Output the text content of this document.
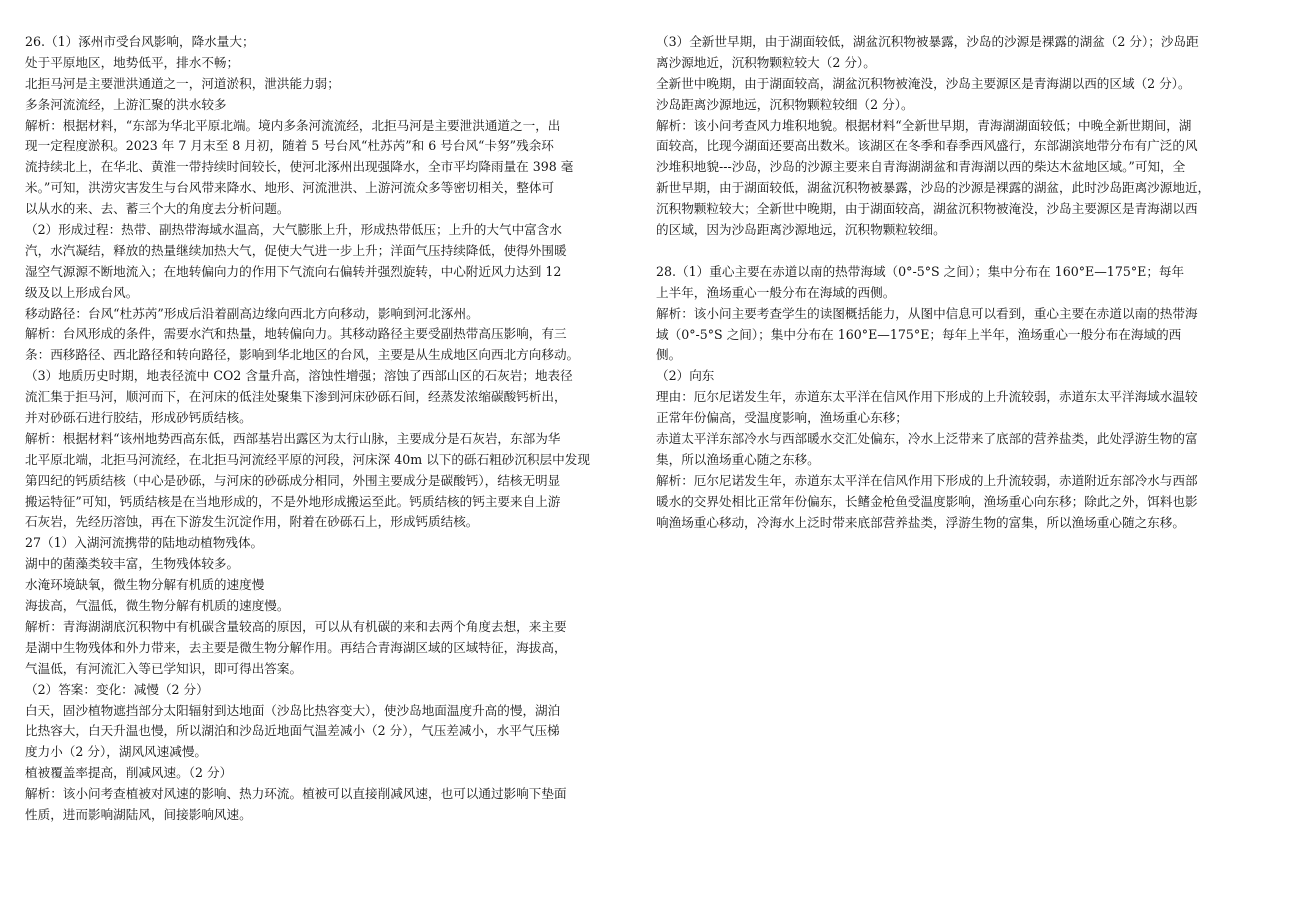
26.（1）涿州市受台风影响，降水量大；
处于平原地区，地势低平，排水不畅；
北拒马河是主要泄洪通道之一，河道淤积，泄洪能力弱；
多条河流流经，上游汇聚的洪水较多
解析：根据材料，“东部为华北平原北端。境内多条河流流经，北拒马河是主要泄洪通道之一，出
现一定程度淤积。2023 年 7 月末至 8 月初，随着 5 号台风“杜苏芮”和 6 号台风“卡努”残余环
流持续北上，在华北、黄淮一带持续时间较长，使河北涿州出现强降水，全市平均降雨量在 398 毫
米。”可知，洪涝灾害发生与台风带来降水、地形、河流泄洪、上游河流众多等密切相关，整体可
以从水的来、去、蓄三个大的角度去分析问题。
（2）形成过程：热带、副热带海域水温高，大气膨胀上升，形成热带低压；上升的大气中富含水
汽，水汽凝结，释放的热量继续加热大气，促使大气进一步上升；洋面气压持续降低，使得外围暖
湿空气源源不断地流入；在地转偏向力的作用下气流向右偏转并强烈旋转，中心附近风力达到 12
级及以上形成台风。
移动路径：台风“杜苏芮”形成后沿着副高边缘向西北方向移动，影响到河北涿州。
解析：台风形成的条件，需要水汽和热量，地转偏向力。其移动路径主要受副热带高压影响，有三
条：西移路径、西北路径和转向路径，影响到华北地区的台风，主要是从生成地区向西北方向移动。
（3）地质历史时期，地表径流中 CO2 含量升高，溶蚀性增强；溶蚀了西部山区的石灰岩；地表径
流汇集于拒马河，顺河而下，在河床的低洼处聚集下渗到河床砂砾石间，经蒸发浓缩碳酸钙析出，
并对砂砾石进行胶结，形成砂钙质结核。
解析：根据材料“该州地势西高东低，西部基岩出露区为太行山脉，主要成分是石灰岩，东部为华
北平原北端，北拒马河流经，在北拒马河流经平原的河段，河床深 40m 以下的砾石粗砂沉积层中发现
第四纪的钙质结核（中心是砂砾，与河床的砂砾成分相同，外围主要成分是碳酸钙），结核无明显
搬运特征”可知，钙质结核是在当地形成的，不是外地形成搬运至此。钙质结核的钙主要来自上游
石灰岩，先经历溶蚀，再在下游发生沉淀作用，附着在砂砾石上，形成钙质结核。
27（1）入湖河流携带的陆地动植物残体。
湖中的菌藻类较丰富，生物残体较多。
水淹环境缺氧，微生物分解有机质的速度慢
海拔高，气温低，微生物分解有机质的速度慢。
解析：青海湖湖底沉积物中有机碳含量较高的原因，可以从有机碳的来和去两个角度去想，来主要
是湖中生物残体和外力带来，去主要是微生物分解作用。再结合青海湖区域的区域特征，海拔高，
气温低，有河流汇入等已学知识，即可得出答案。
（2）答案：变化：减慢（2 分）
白天，固沙植物遮挡部分太阳辐射到达地面（沙岛比热容变大），使沙岛地面温度升高的慢，湖泊
比热容大，白天升温也慢，所以湖泊和沙岛近地面气温差减小（2 分），气压差减小，水平气压梯
度力小（2 分），湖风风速减慢。
植被覆盖率提高，削减风速。（2 分）
解析：该小问考查植被对风速的影响、热力环流。植被可以直接削减风速，也可以通过影响下垫面
性质，进而影响湖陆风，间接影响风速。
（3）全新世早期，由于湖面较低，湖盆沉积物被暴露，沙岛的沙源是裸露的湖盆（2 分）；沙岛距
离沙源地近，沉积物颗粒较大（2 分）。
全新世中晚期，由于湖面较高，湖盆沉积物被淹没，沙岛主要源区是青海湖以西的区域（2 分）。
沙岛距离沙源地远，沉积物颗粒较细（2 分）。
解析：该小问考查风力堆积地貌。根据材料“全新世早期，青海湖湖面较低；中晚全新世期间，湖
面较高，比现今湖面还要高出数米。该湖区在冬季和春季西风盛行，东部湖滨地带分布有广泛的风
沙堆积地貌---沙岛，沙岛的沙源主要来自青海湖湖盆和青海湖以西的柴达木盆地区域。”可知，全
新世早期，由于湖面较低，湖盆沉积物被暴露，沙岛的沙源是裸露的湖盆，此时沙岛距离沙源地近，
沉积物颗粒较大；全新世中晚期，由于湖面较高，湖盆沉积物被淹没，沙岛主要源区是青海湖以西
的区域，因为沙岛距离沙源地远，沉积物颗粒较细。
28.（1）重心主要在赤道以南的热带海域（0°-5°S 之间）；集中分布在 160°E—175°E；每年
上半年，渔场重心一般分布在海域的西侧。
解析：该小问主要考查学生的读图概括能力，从图中信息可以看到，重心主要在赤道以南的热带海
域（0°-5°S 之间）；集中分布在 160°E—175°E；每年上半年，渔场重心一般分布在海域的西
侧。
（2）向东
理由：厄尔尼诺发生年，赤道东太平洋在信风作用下形成的上升流较弱，赤道东太平洋海域水温较
正常年份偏高，受温度影响，渔场重心东移；
赤道太平洋东部冷水与西部暖水交汇处偏东，冷水上泛带来了底部的营养盐类，此处浮游生物的富
集，所以渔场重心随之东移。
解析：厄尔尼诺发生年，赤道东太平洋在信风作用下形成的上升流较弱，赤道附近东部冷水与西部
暖水的交界处相比正常年份偏东，长鳍金枪鱼受温度影响，渔场重心向东移；除此之外，饵料也影
响渔场重心移动，冷海水上泛时带来底部营养盐类，浮游生物的富集，所以渔场重心随之东移。
